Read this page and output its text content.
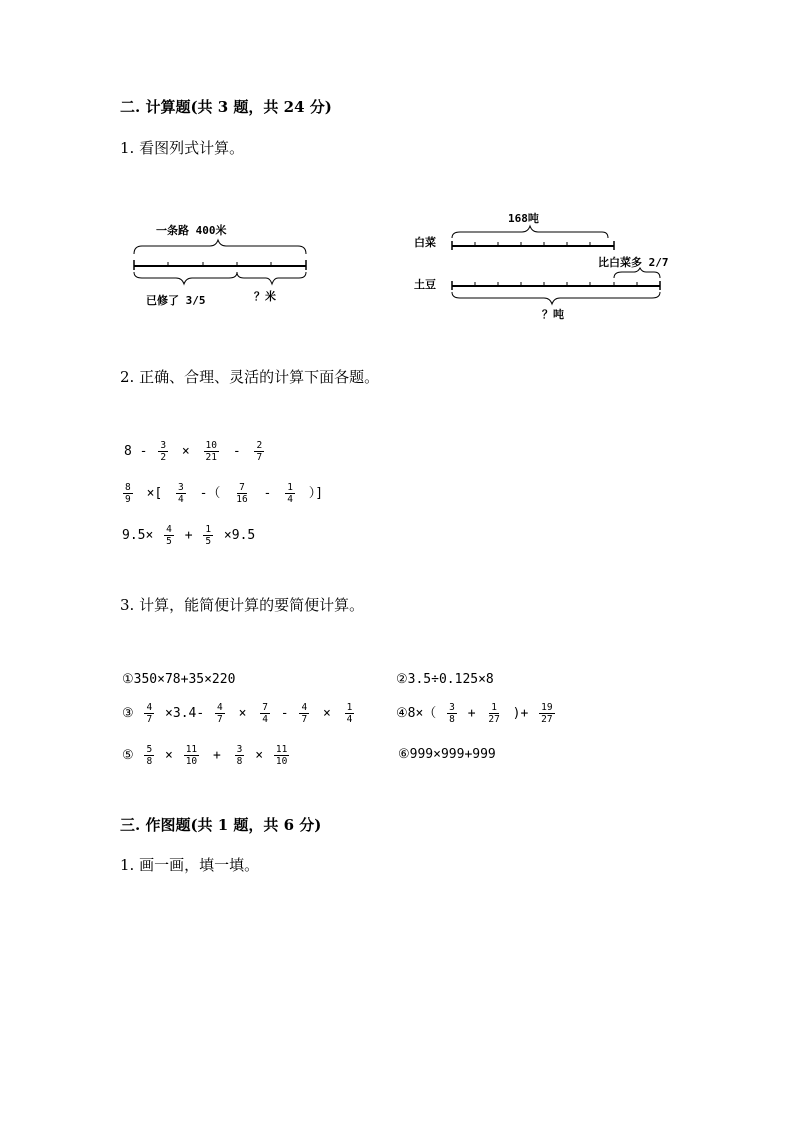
二. 计算题(共 3 题，共 24 分)
1. 看图列式计算。
一条路 400米
已修了 3/5	？米
168吨
白菜
比白菜多 2/7
土豆
？吨
2. 正确、合理、灵活的计算下面各题。
$8 - \frac{3}{2} \times \frac{10}{21} - \frac{2}{7}$
$\frac{8}{9}$ ×[ $\frac{3}{4}$ -（ $\frac{7}{16} - \frac{1}{4}$ ）]
$9.5\times \frac{4}{5} + \frac{1}{5} \times 9.5$
3. 计算，能简便计算的要简便计算。
①350×78+35×220	②3.5÷0.125×8
③ $\frac{4}{7} \times 3.4- \frac{4}{7} \times \frac{7}{4} - \frac{4}{7} \times \frac{1}{4}$	④8×（ $\frac{3}{8} + \frac{1}{27}$ )+ $\frac{19}{27}$
⑤ $\frac{5}{8} \times \frac{11}{10} + \frac{3}{8} \times \frac{11}{10}$	⑥999×999+999
三. 作图题(共 1 题，共 6 分)
1. 画一画，填一填。
